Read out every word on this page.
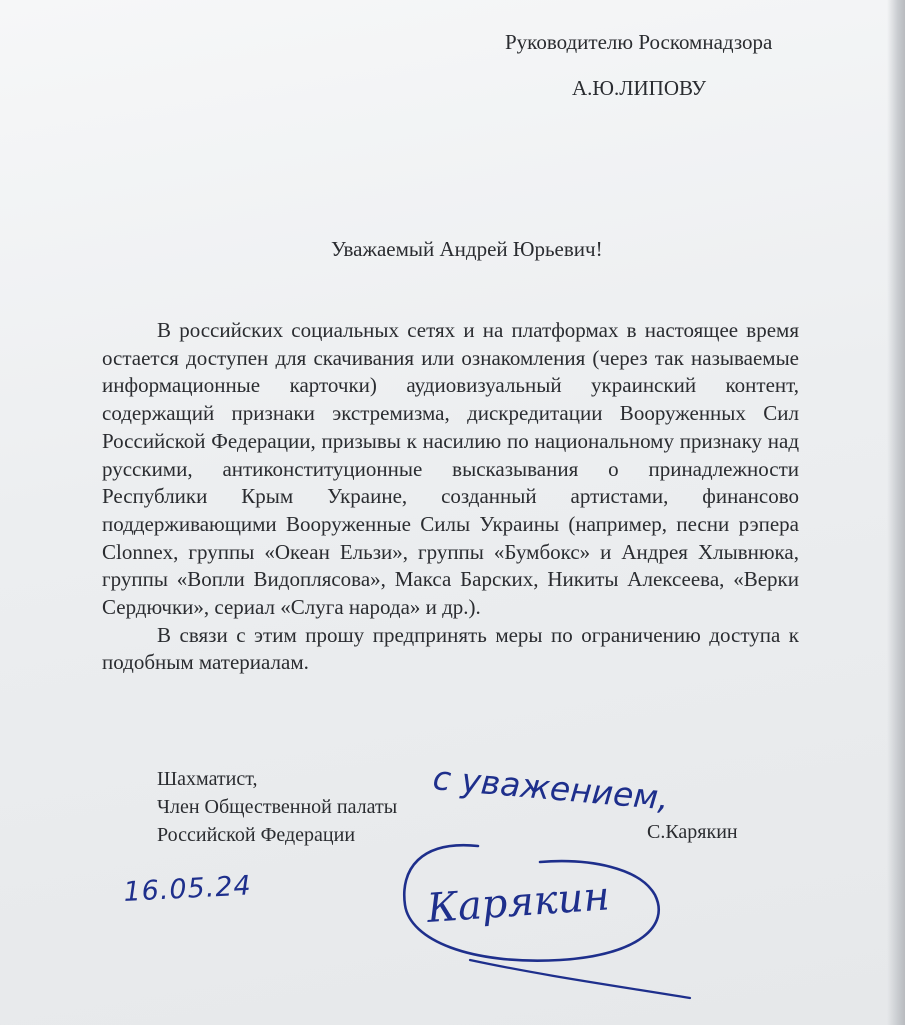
Руководителю Роскомнадзора
А.Ю.ЛИПОВУ
Уважаемый Андрей Юрьевич!

В российских социальных сетях и на платформах в настоящее время остается доступен для скачивания или ознакомления (через так называемые информационные карточки) аудиовизуальный украинский контент, содержащий признаки экстремизма, дискредитации Вооруженных Сил Российской Федерации, призывы к насилию по национальному признаку над русскими, антиконституционные высказывания о принадлежности Республики Крым Украине, созданный артистами, финансово поддерживающими Вооруженные Силы Украины (например, песни рэпера Clonnex, группы «Океан Ельзи», группы «Бумбокс» и Андрея Хлывнюка, группы «Вопли Видоплясова», Макса Барских, Никиты Алексеева, «Верки Сердючки», сериал «Слуга народа» и др.).

В связи с этим прошу предпринять меры по ограничению доступа к подобным материалам.

Шахматист,
Член Общественной палаты
Российской Федерации	С.Карякин
с уважением,
16.05.24	Карякин
